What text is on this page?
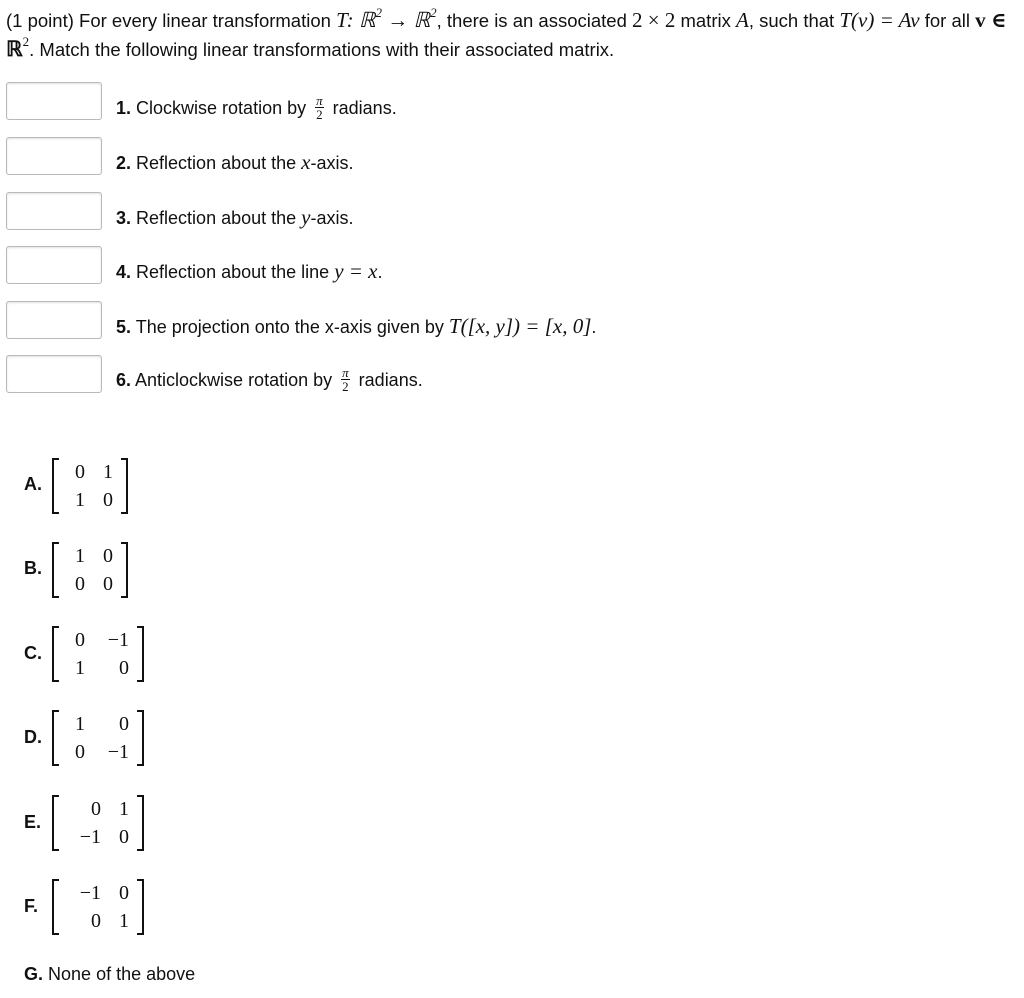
(1 point) For every linear transformation T: ℝ$^2$ → ℝ$^2$, there is an associated 2 × 2 matrix A, such that T(v) = Av for all v ∈ ℝ$^2$. Match the following linear transformations with their associated matrix.
1. Clockwise rotation by $\frac{\pi}{2}$ radians.
2. Reflection about the x-axis.
3. Reflection about the y-axis.
4. Reflection about the line y = x.
5. The projection onto the x-axis given by T([x, y]) = [x, 0].
6. Anticlockwise rotation by $\frac{\pi}{2}$ radians.
A.
0 1
1 0
B.
1 0
0 0
C.
0	−1
1	0
D.
1	0
0	−1
E.
0 1
−1 0
F.
−1 0
0 1
G. None of the above
